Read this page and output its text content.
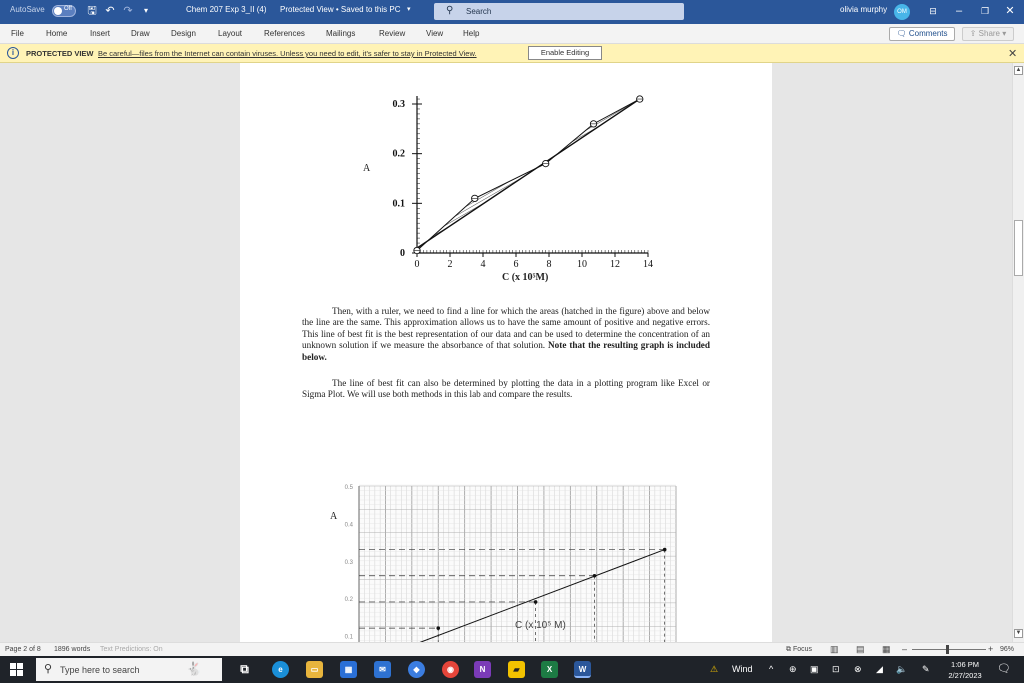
AutoSave	Off 🖫 ↶ ↷	▾	Chem 207 Exp 3_II (4) Protected View • Saved to this PC ▾	⚲ Search	olivia murphy	OM	⊟	–	❐	✕
File	Home	Insert	Draw	Design	Layout	References	Mailings	Review	View Help	🗨 Comments	⇪ Share ▾
i	PROTECTED VIEW Be careful—files from the Internet can contain viruses. Unless you need to edit, it's safer to stay in Protected View.	Enable Editing	✕
0	2	4	6	8	10 12 14
0
0.1
0.2
0.3
A
C (x 10⁵M)
Then, with a ruler, we need to find a line for which the areas (hatched in the figure) above and below the line are the same. This approximation allows us to have the same amount of positive and negative errors. This line of best fit is the best representation of our data and can be used to determine the concentration of an unknown solution if we measure the absorbance of that solution. Note that the resulting graph is included below.
The line of best fit can also be determined by plotting the data in a plotting program like Excel or Sigma Plot. We will use both methods in this lab and compare the results.
0.5
0.4
0.3
0.2
0.1
A
C (x 10⁵ M)
▲
▼
Page 2 of 8 1896 words Text Predictions: On	⧉ Focus ▥ ▤ ▦ –	+ 96%
⚲ Type here to search	🐇	⧉	e	▭	▦	✉	◆	◉	N	▰	X	W	⚠ Wind ^ ⊕ ▣ ⊡ ⊗ ◢ 🔈 ✎	1:06 PM
2/27/2023
🗨
